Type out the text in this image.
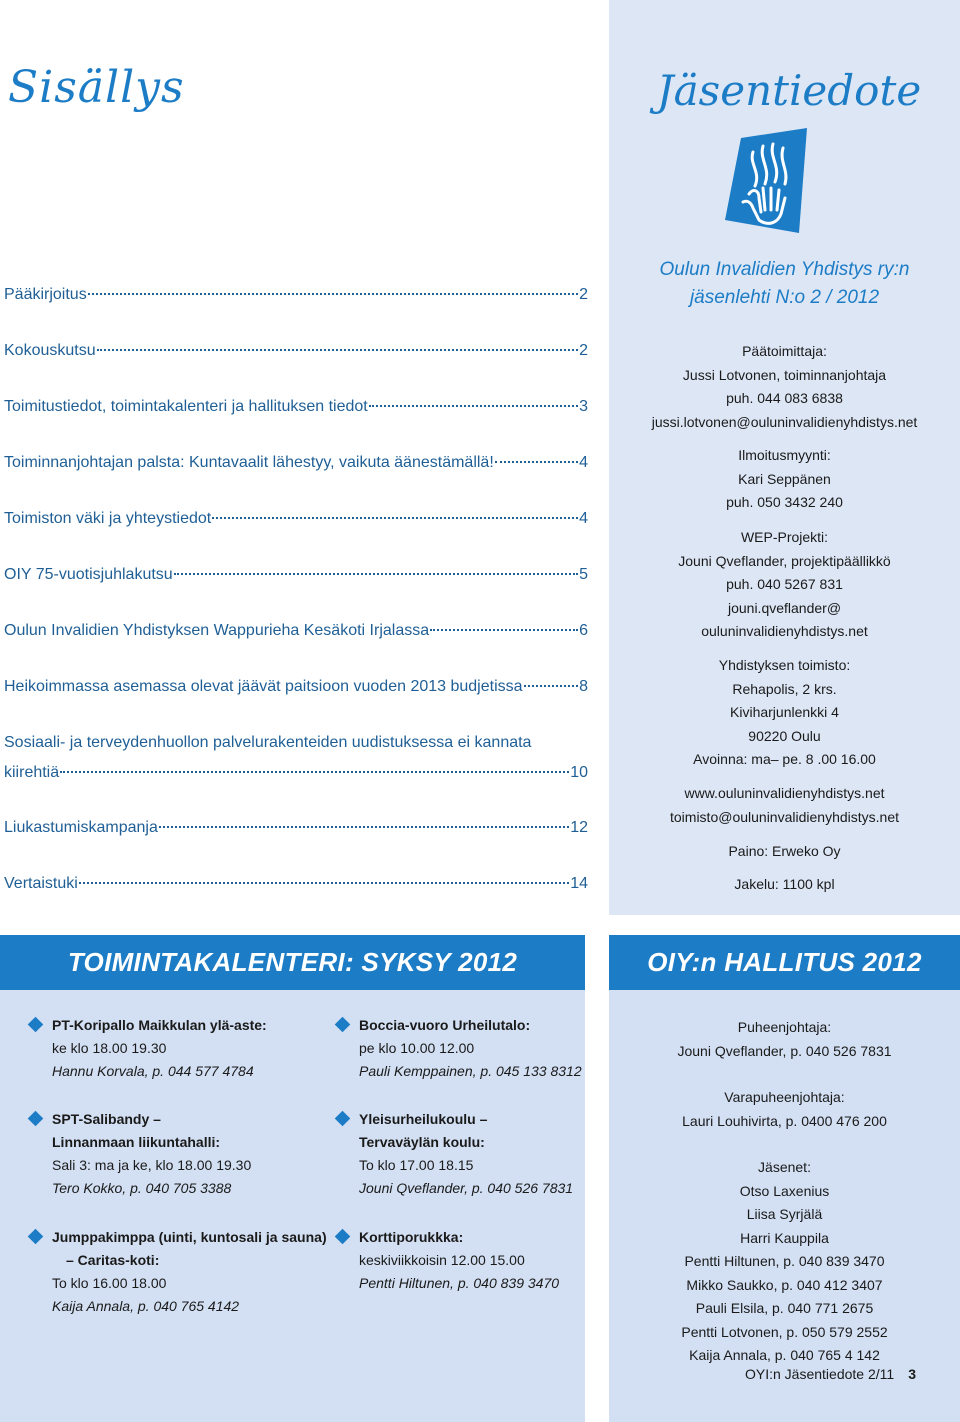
Sisällys
Pääkirjoitus	2
Kokouskutsu	2
Toimitustiedot, toimintakalenteri ja hallituksen tiedot	3
Toiminnanjohtajan palsta: Kuntavaalit lähestyy, vaikuta äänestämällä!	4
Toimiston väki ja yhteystiedot	4
OIY 75-vuotisjuhlakutsu	5
Oulun Invalidien Yhdistyksen Wappurieha Kesäkoti Irjalassa	6
Heikoimmassa asemassa olevat jäävät paitsioon vuoden 2013 budjetissa	8
Sosiaali- ja terveydenhuollon palvelurakenteiden uudistuksessa ei kannata
kiirehtiä	10
Liukastumiskampanja	12
Vertaistuki	14
Jäsentiedote
Oulun Invalidien Yhdistys ry:n
jäsenlehti N:o 2 / 2012
Päätoimittaja:
Jussi Lotvonen, toiminnanjohtaja
puh. 044 083 6838
jussi.lotvonen@ouluninvalidienyhdistys.net
Ilmoitusmyynti:
Kari Seppänen
puh. 050 3432 240
WEP-Projekti:
Jouni Qveflander, projektipäällikkö
puh. 040 5267 831
jouni.qveflander@
ouluninvalidienyhdistys.net
Yhdistyksen toimisto:
Rehapolis, 2 krs.
Kiviharjunlenkki 4
90220 Oulu
Avoinna: ma– pe. 8 .00 16.00
www.ouluninvalidienyhdistys.net
toimisto@ouluninvalidienyhdistys.net
Paino: Erweko Oy
Jakelu: 1100 kpl
TOIMINTAKALENTERI: SYKSY 2012
PT-Koripallo Maikkulan ylä-aste:
ke klo 18.00 19.30
Hannu Korvala, p. 044 577 4784
SPT-Salibandy –
Linnanmaan liikuntahalli:
Sali 3: ma ja ke, klo 18.00 19.30
Tero Kokko, p. 040 705 3388
Jumppakimppa (uinti, kuntosali ja sauna)
– Caritas-koti:
To klo 16.00 18.00
Kaija Annala, p. 040 765 4142
Boccia-vuoro Urheilutalo:
pe klo 10.00 12.00
Pauli Kemppainen, p. 045 133 8312
Yleisurheilukoulu –
Tervaväylän koulu:
To klo 17.00 18.15
Jouni Qveflander, p. 040 526 7831
Korttiporukkka:
keskiviikkoisin 12.00 15.00
Pentti Hiltunen, p. 040 839 3470
OIY:n HALLITUS 2012
Puheenjohtaja:
Jouni Qveflander, p. 040 526 7831
Varapuheenjohtaja:
Lauri Louhivirta, p. 0400 476 200
Jäsenet:
Otso Laxenius
Liisa Syrjälä
Harri Kauppila
Pentti Hiltunen, p. 040 839 3470
Mikko Saukko, p. 040 412 3407
Pauli Elsila, p. 040 771 2675
Pentti Lotvonen, p. 050 579 2552
Kaija Annala, p. 040 765 4 142
OYI:n Jäsentiedote 2/11 3
